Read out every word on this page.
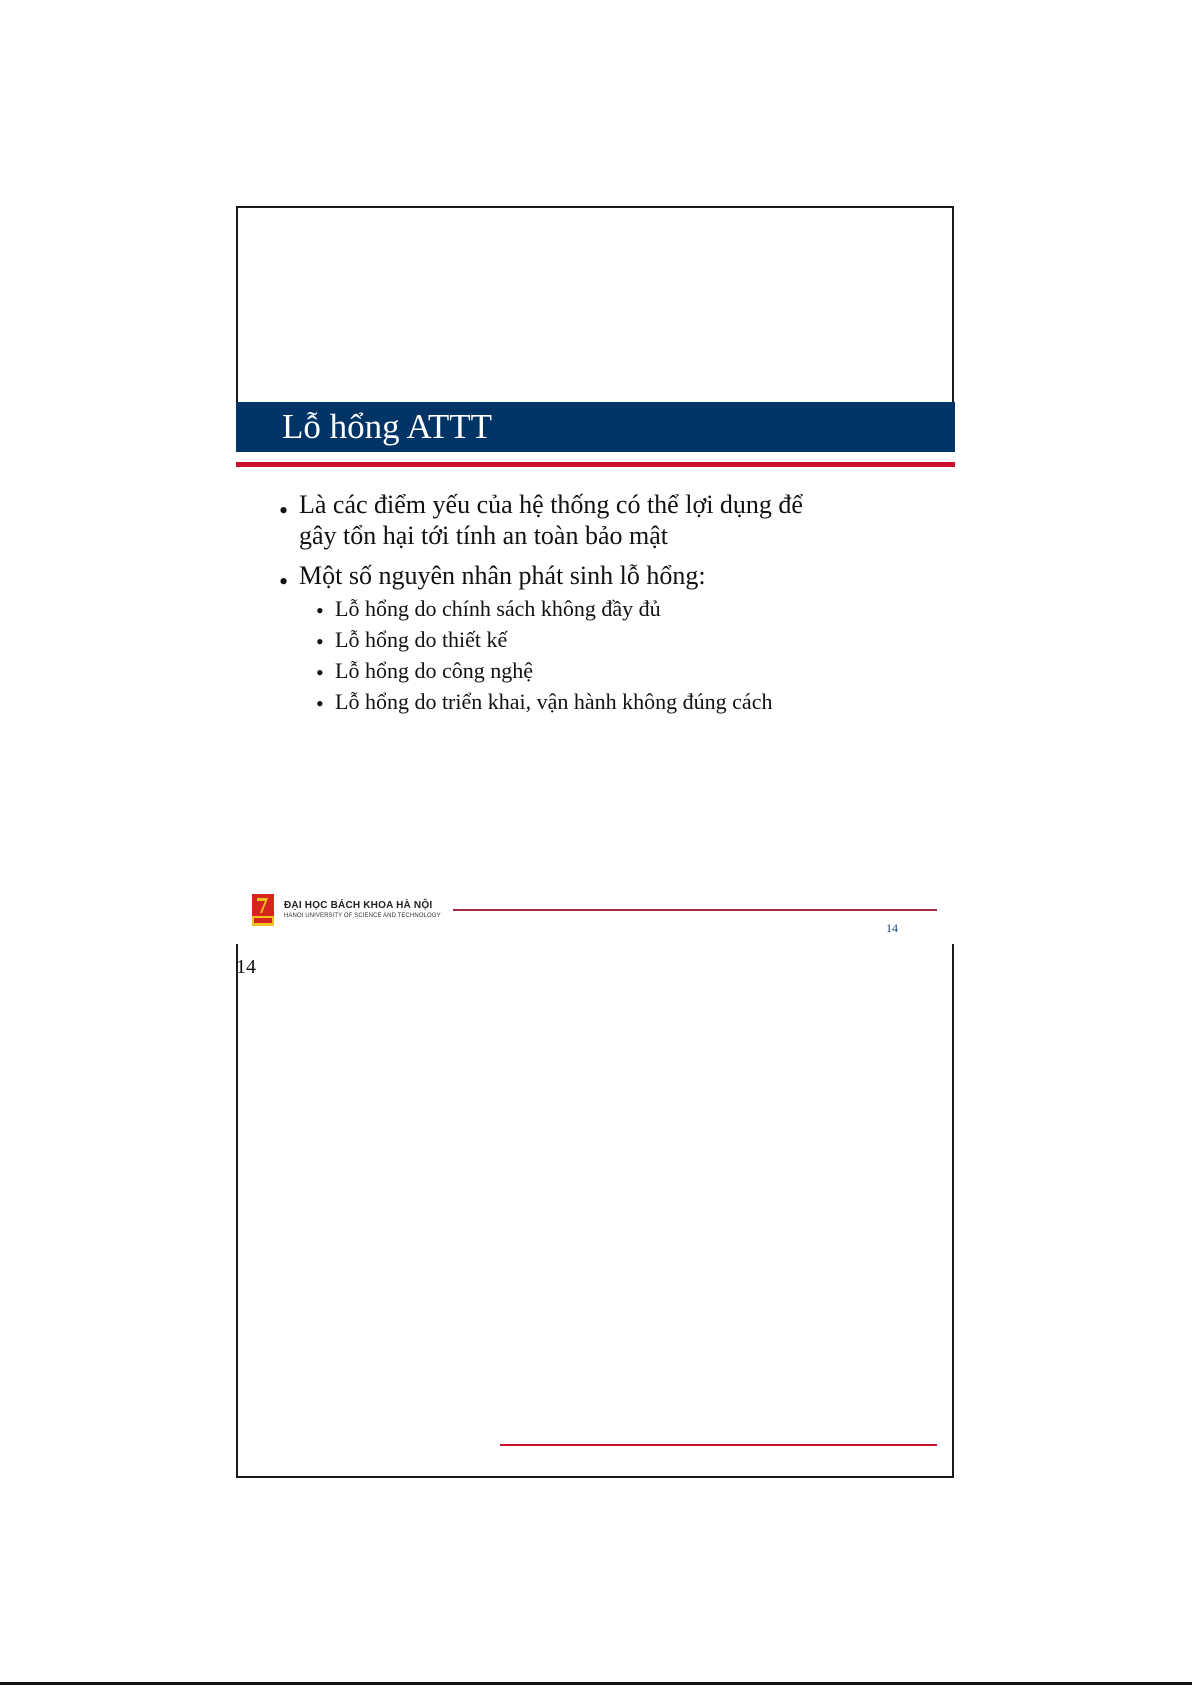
Lỗ hổng ATTT
• Là các điểm yếu của hệ thống có thể lợi dụng để
gây tổn hại tới tính an toàn bảo mật
• Một số nguyên nhân phát sinh lỗ hổng:
• Lỗ hổng do chính sách không đầy đủ
• Lỗ hổng do thiết kế
• Lỗ hổng do công nghệ
• Lỗ hổng do triển khai, vận hành không đúng cách
ĐẠI HỌC BÁCH KHOA HÀ NỘI
HANOI UNIVERSITY OF SCIENCE AND TECHNOLOGY
14
14
